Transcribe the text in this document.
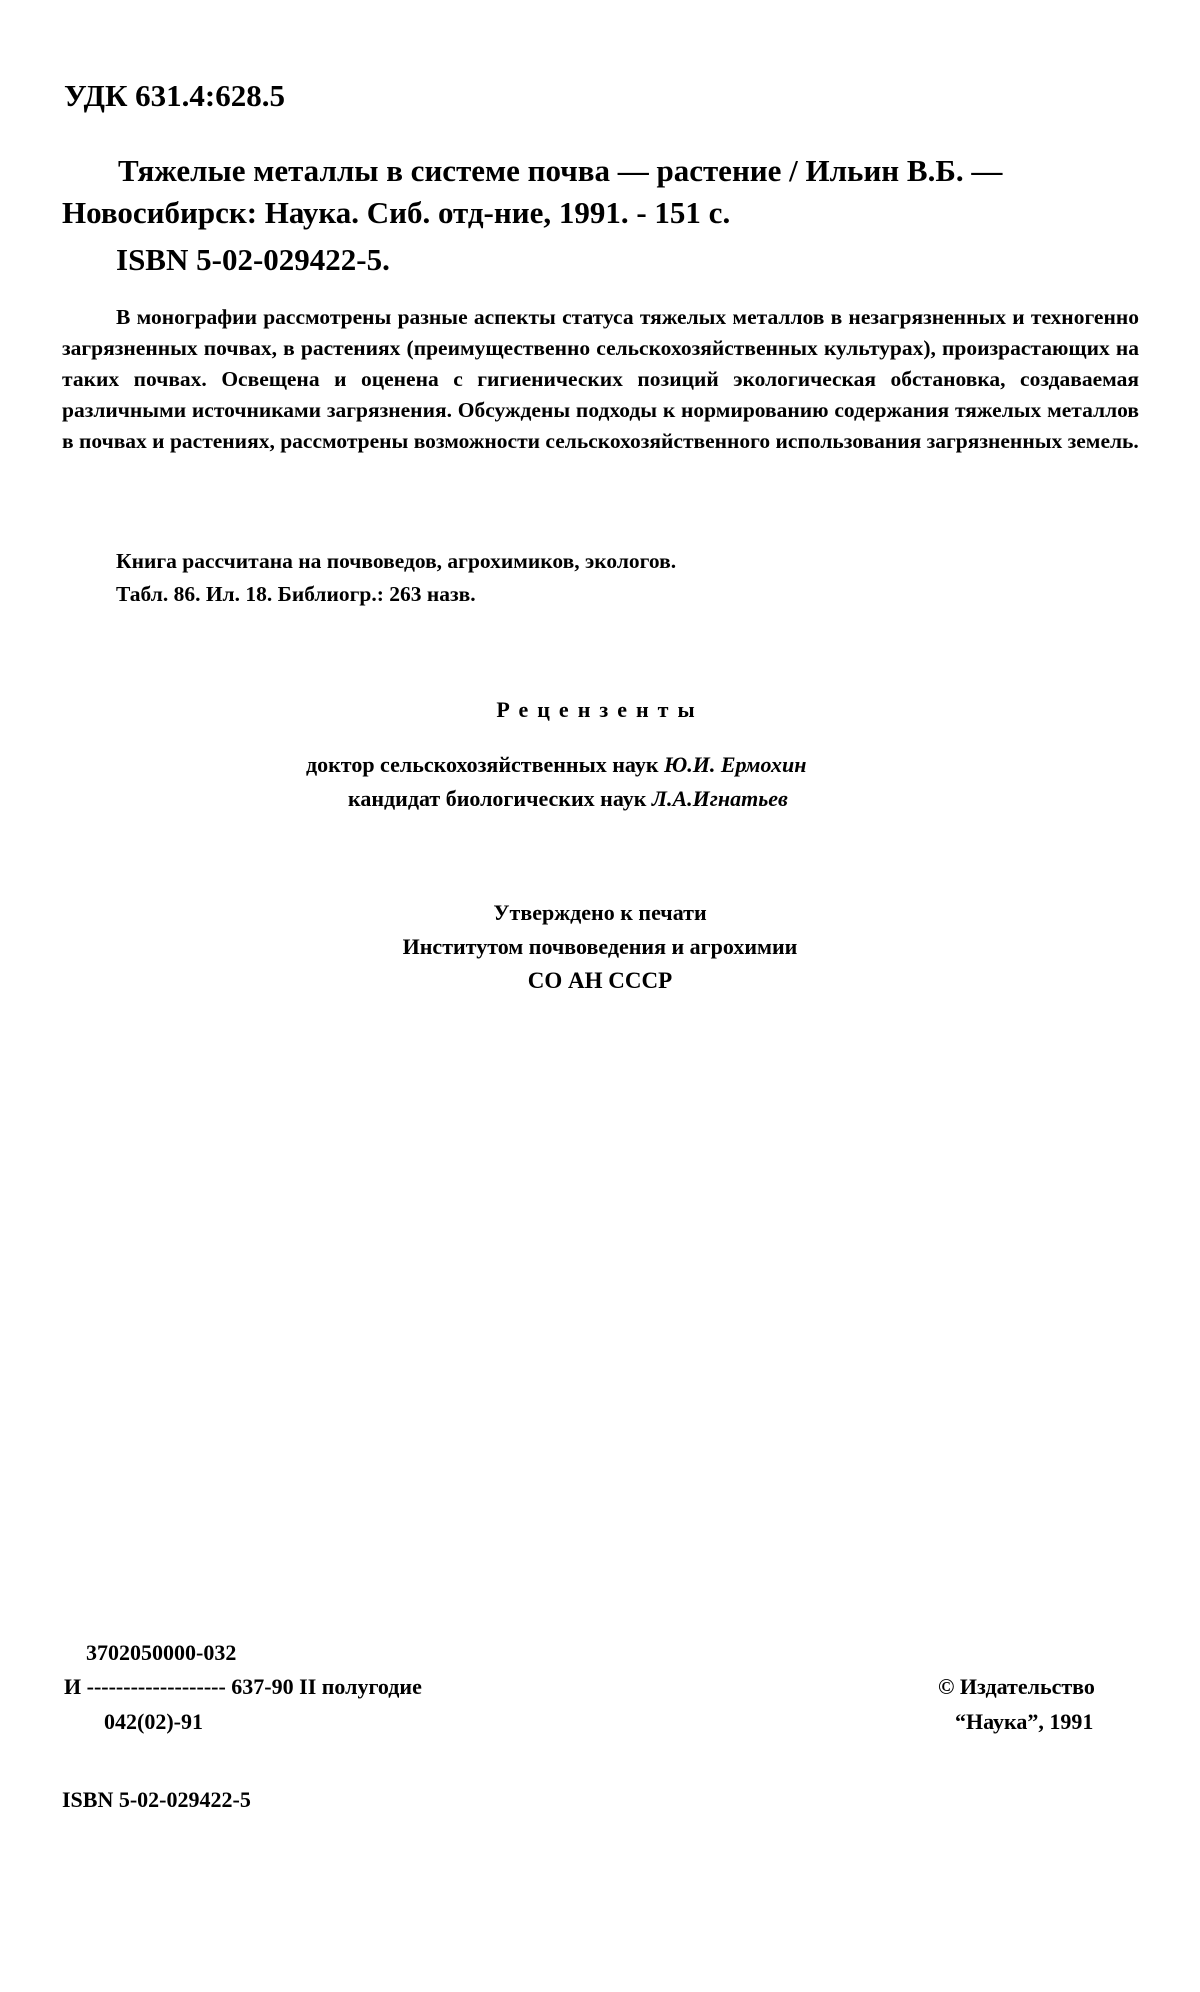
УДК 631.4:628.5
Тяжелые металлы в системе почва — растение / Ильин В.Б. —
Новосибирск: Наука. Сиб. отд-ние, 1991. - 151 с.
ISBN 5-02-029422-5.

В монографии рассмотрены разные аспекты статуса тяжелых металлов в незагрязненных и техногенно загрязненных почвах, в растениях (преимущественно сельскохозяйственных культурах), произрастающих на таких почвах. Освещена и оценена с гигиенических позиций экологическая обстановка, создаваемая различными источниками загрязнения. Обсуждены подходы к нормированию содержания тяжелых металлов в почвах и растениях, рассмотрены возможности сельскохозяйственного использования загрязненных земель.

Книга рассчитана на почвоведов, агрохимиков, экологов.
Табл. 86. Ил. 18. Библиогр.: 263 назв.
Рецензенты
доктор сельскохозяйственных наук Ю.И. Ермохин
кандидат биологических наук Л.А.Игнатьев
Утверждено к печати
Институтом почвоведения и агрохимии
СО АН СССР
3702050000-032
И ------------------- 637-90 II полугодие
042(02)-91
© Издательство
“Наука”, 1991
ISBN 5-02-029422-5
